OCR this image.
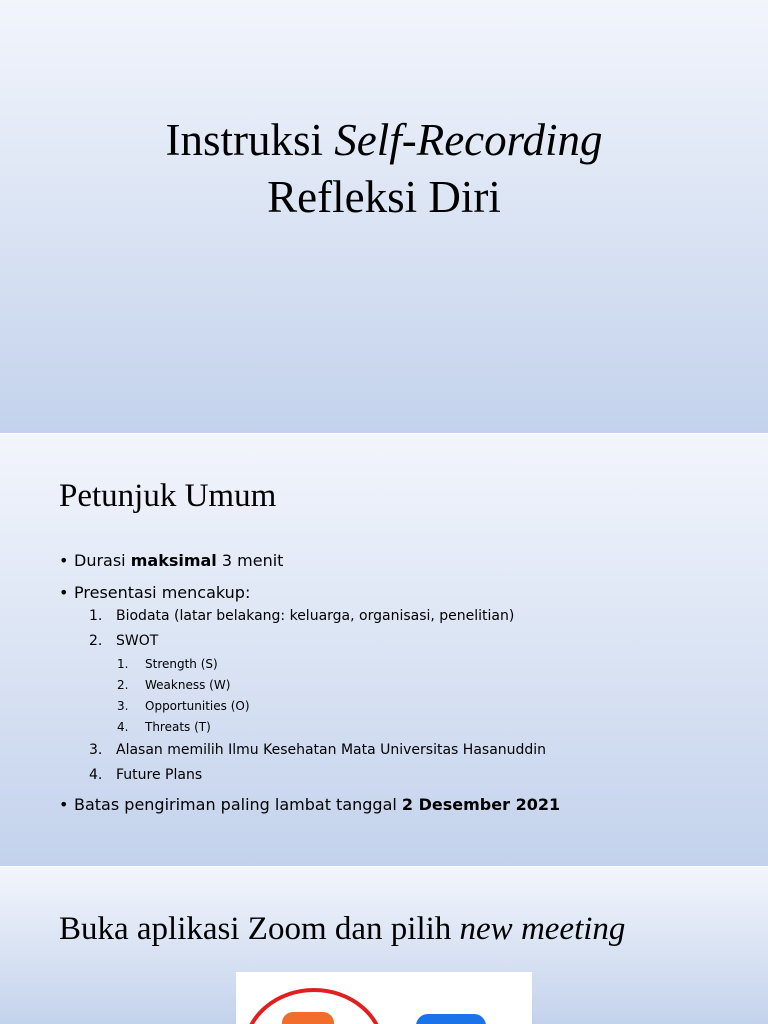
Instruksi Self-Recording
Refleksi Diri
Petunjuk Umum
• Durasi maksimal 3 menit
• Presentasi mencakup:
1. Biodata (latar belakang: keluarga, organisasi, penelitian)
2. SWOT
1. Strength (S)
2. Weakness (W)
3. Opportunities (O)
4. Threats (T)
3. Alasan memilih Ilmu Kesehatan Mata Universitas Hasanuddin
4. Future Plans
• Batas pengiriman paling lambat tanggal 2 Desember 2021
Buka aplikasi Zoom dan pilih new meeting
